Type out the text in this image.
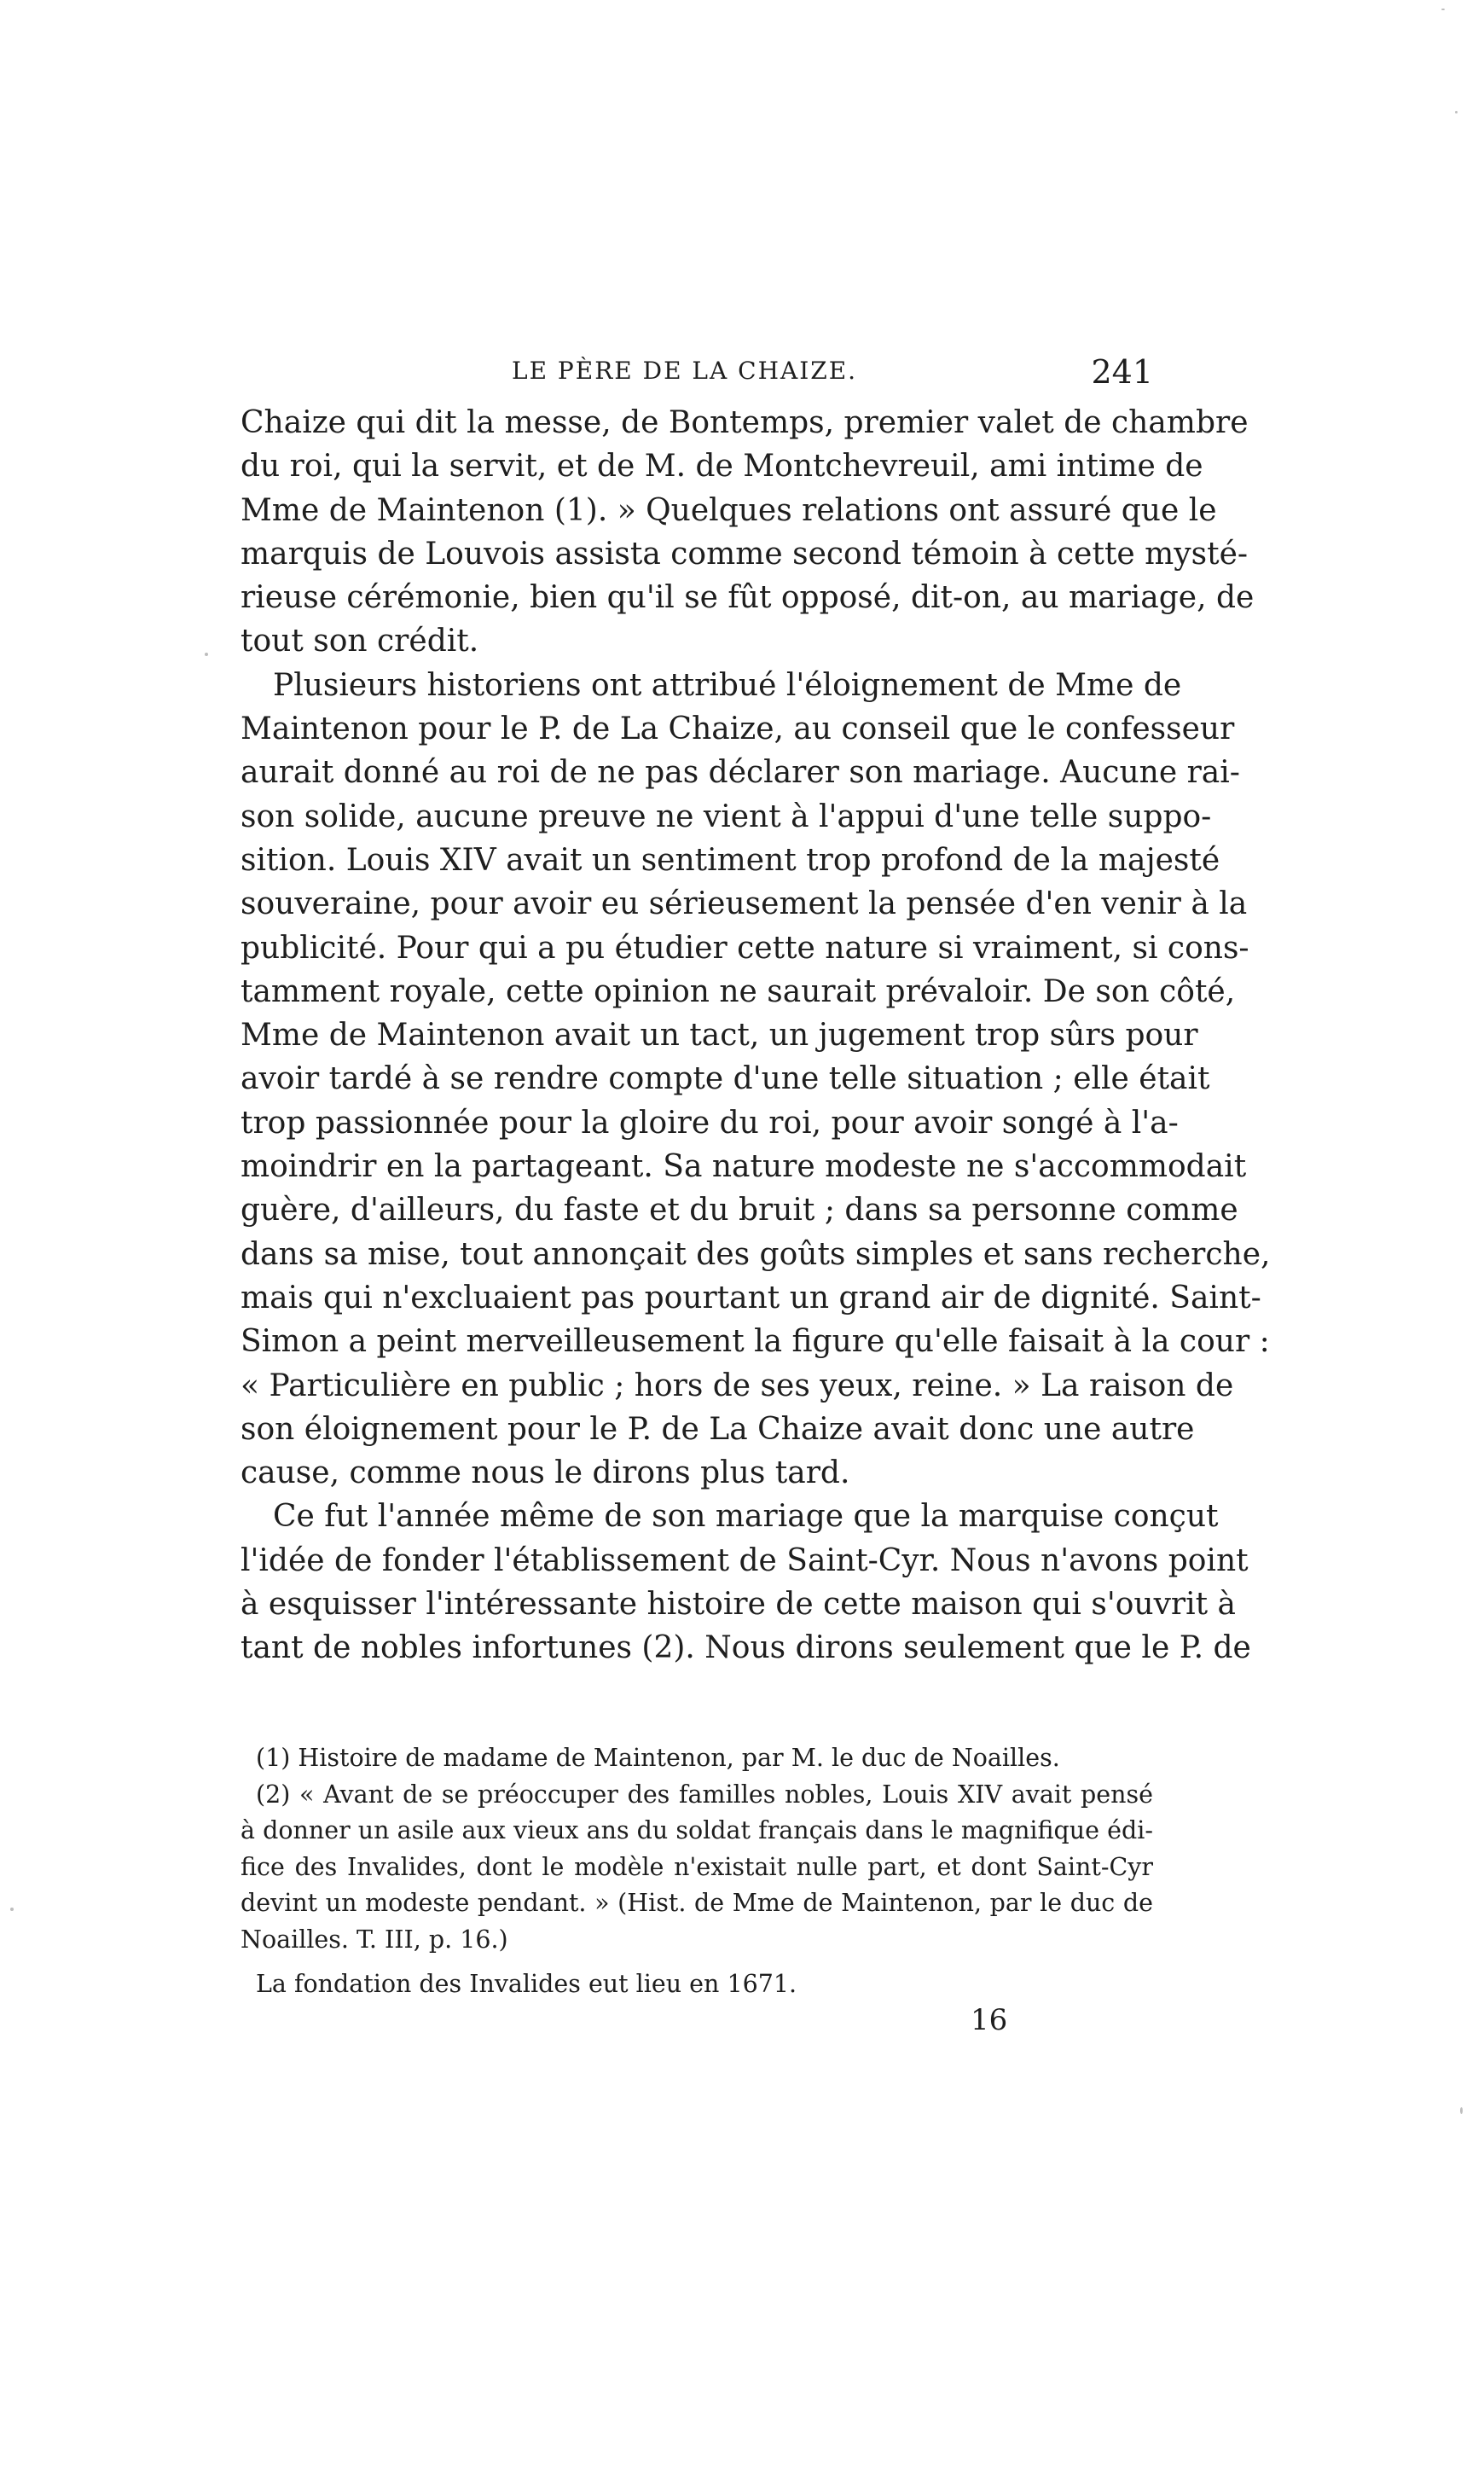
LE PÈRE DE LA CHAIZE.	241
Chaize qui dit la messe, de Bontemps, premier valet de chambre
du roi, qui la servit, et de M. de Montchevreuil, ami intime de
Mme de Maintenon (1). » Quelques relations ont assuré que le
marquis de Louvois assista comme second témoin à cette mysté-
rieuse cérémonie, bien qu'il se fût opposé, dit-on, au mariage, de
tout son crédit.
Plusieurs historiens ont attribué l'éloignement de Mme de
Maintenon pour le P. de La Chaize, au conseil que le confesseur
aurait donné au roi de ne pas déclarer son mariage. Aucune rai-
son solide, aucune preuve ne vient à l'appui d'une telle suppo-
sition. Louis XIV avait un sentiment trop profond de la majesté
souveraine, pour avoir eu sérieusement la pensée d'en venir à la
publicité. Pour qui a pu étudier cette nature si vraiment, si cons-
tamment royale, cette opinion ne saurait prévaloir. De son côté,
Mme de Maintenon avait un tact, un jugement trop sûrs pour
avoir tardé à se rendre compte d'une telle situation ; elle était
trop passionnée pour la gloire du roi, pour avoir songé à l'a-
moindrir en la partageant. Sa nature modeste ne s'accommodait
guère, d'ailleurs, du faste et du bruit ; dans sa personne comme
dans sa mise, tout annonçait des goûts simples et sans recherche,
mais qui n'excluaient pas pourtant un grand air de dignité. Saint-
Simon a peint merveilleusement la figure qu'elle faisait à la cour :
« Particulière en public ; hors de ses yeux, reine. » La raison de
son éloignement pour le P. de La Chaize avait donc une autre
cause, comme nous le dirons plus tard.
Ce fut l'année même de son mariage que la marquise conçut
l'idée de fonder l'établissement de Saint-Cyr. Nous n'avons point
à esquisser l'intéressante histoire de cette maison qui s'ouvrit à
tant de nobles infortunes (2). Nous dirons seulement que le P. de
(1) Histoire de madame de Maintenon, par M. le duc de Noailles.
(2) « Avant de se préoccuper des familles nobles, Louis XIV avait pensé
à donner un asile aux vieux ans du soldat français dans le magnifique édi-
fice des Invalides, dont le modèle n'existait nulle part, et dont Saint-Cyr
devint un modeste pendant. » (Hist. de Mme de Maintenon, par le duc de
Noailles. T. III, p. 16.)
La fondation des Invalides eut lieu en 1671.
16
